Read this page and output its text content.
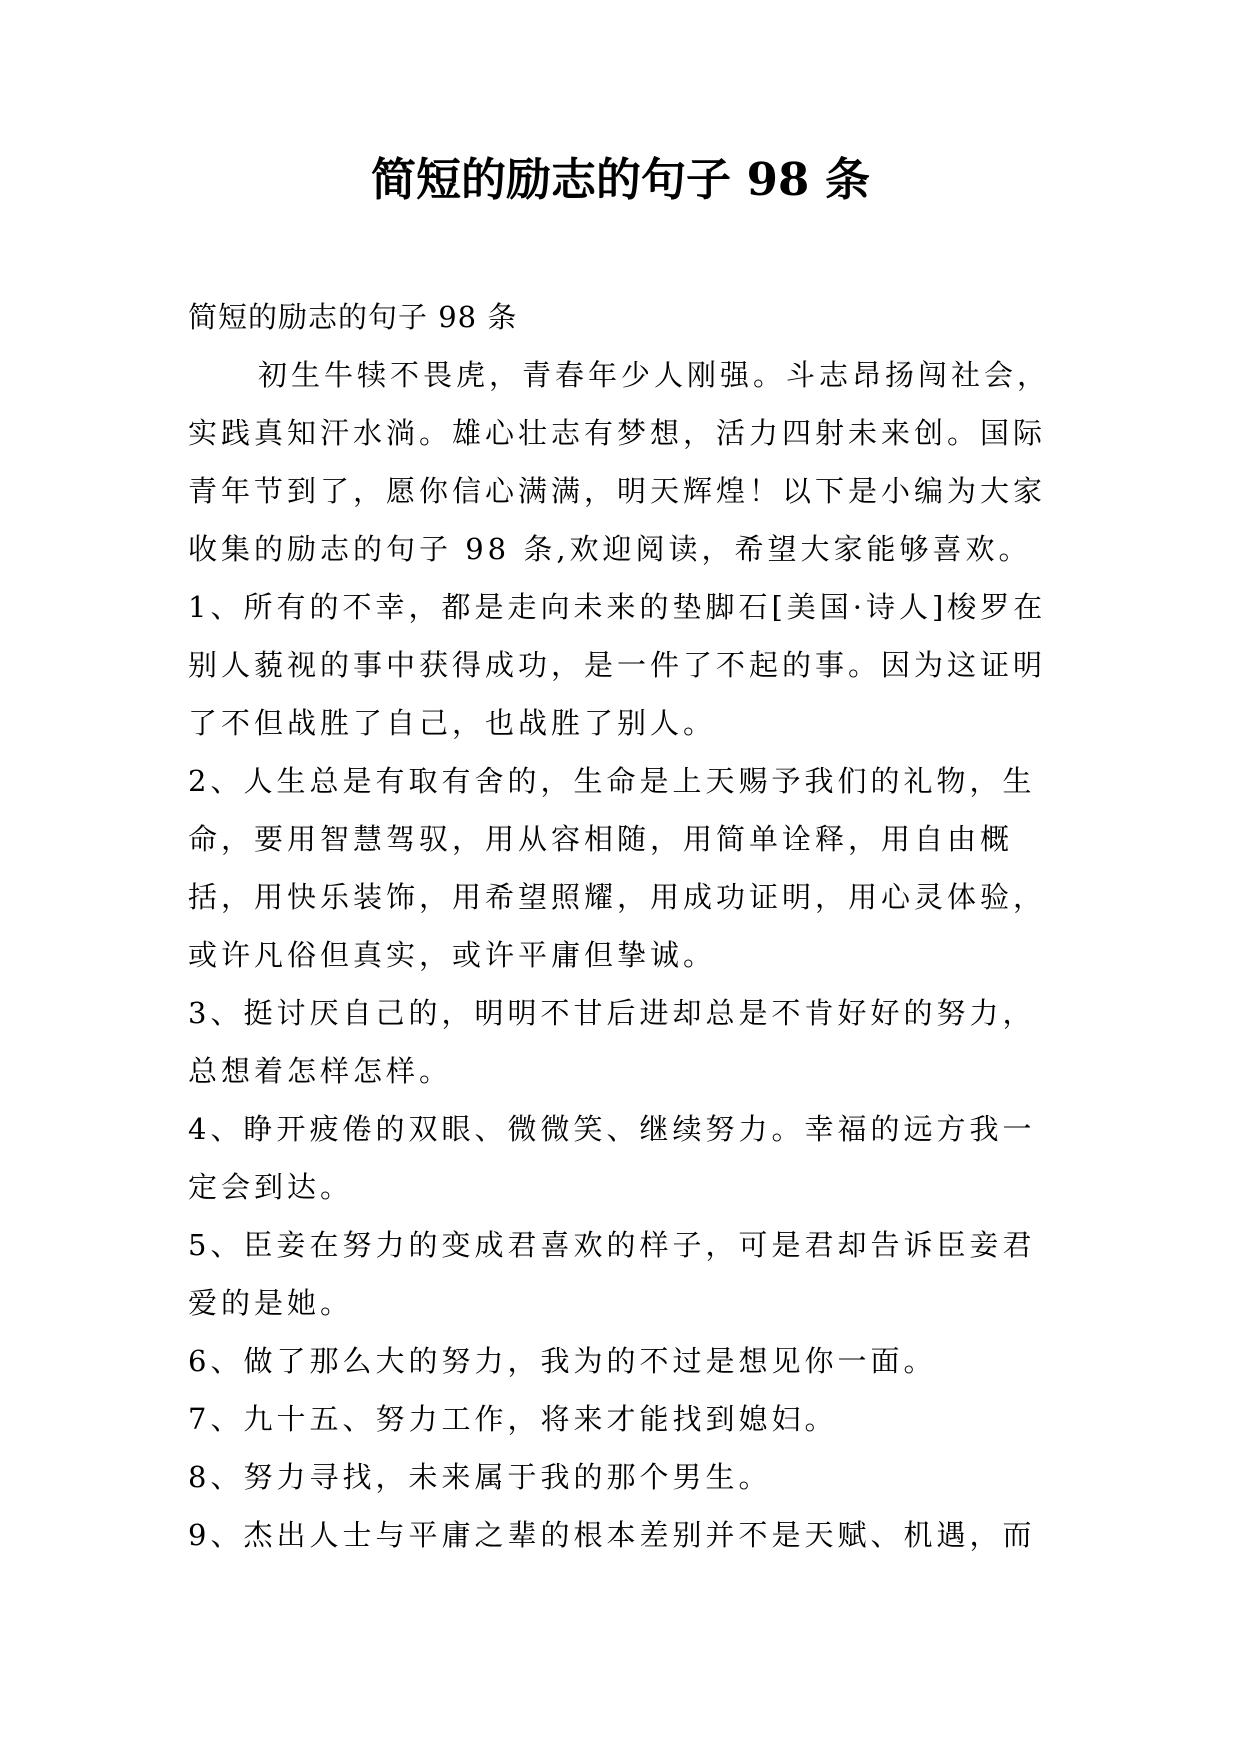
简短的励志的句子 98 条

简短的励志的句子 98 条

初生牛犊不畏虎，青春年少人刚强。斗志昂扬闯社会，实践真知汗水淌。雄心壮志有梦想，活力四射未来创。国际青年节到了，愿你信心满满，明天辉煌！以下是小编为大家收集的励志的句子 98 条,欢迎阅读，希望大家能够喜欢。

1、所有的不幸，都是走向未来的垫脚石[美国·诗人]梭罗在别人藐视的事中获得成功，是一件了不起的事。因为这证明了不但战胜了自己，也战胜了别人。

2、人生总是有取有舍的，生命是上天赐予我们的礼物，生命，要用智慧驾驭，用从容相随，用简单诠释，用自由概括，用快乐装饰，用希望照耀，用成功证明，用心灵体验，或许凡俗但真实，或许平庸但挚诚。

3、挺讨厌自己的，明明不甘后进却总是不肯好好的努力，总想着怎样怎样。

4、睁开疲倦的双眼、微微笑、继续努力。幸福的远方我一定会到达。

5、臣妾在努力的变成君喜欢的样子，可是君却告诉臣妾君爱的是她。

6、做了那么大的努力，我为的不过是想见你一面。

7、九十五、努力工作，将来才能找到媳妇。

8、努力寻找，未来属于我的那个男生。

9、杰出人士与平庸之辈的根本差别并不是天赋、机遇，而
